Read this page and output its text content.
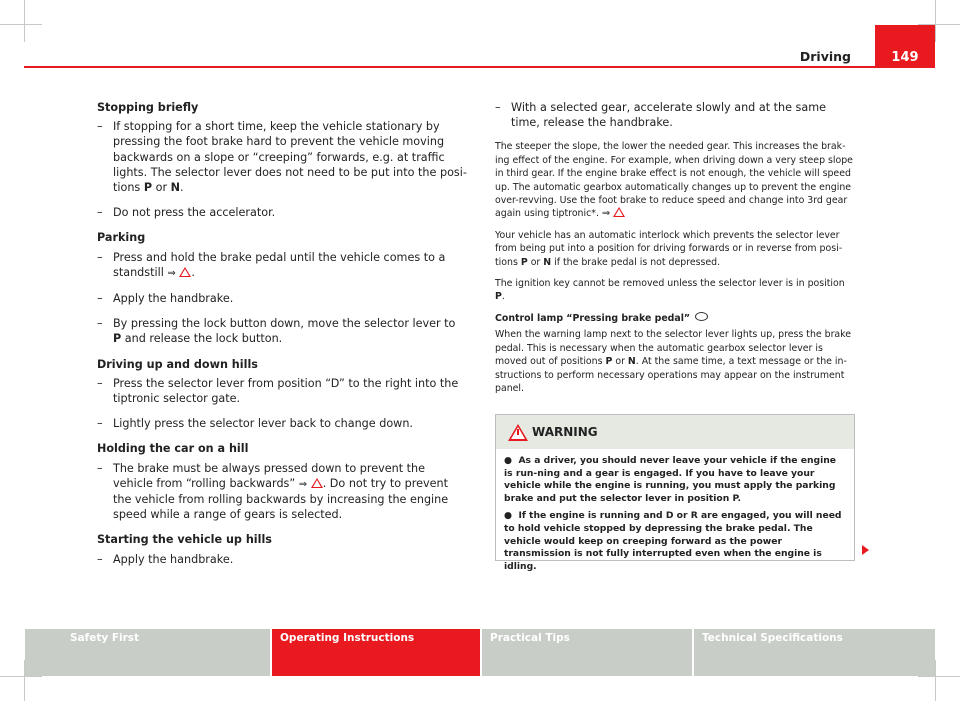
Driving	149
Stopping briefly
– If stopping for a short time, keep the vehicle stationary by pressing the foot brake hard to prevent the vehicle moving backwards on a slope or “creeping” forwards, e.g. at traffic lights. The selector lever does not need to be put into the posi-tions P or N.
– Do not press the accelerator.
Parking
– Press and hold the brake pedal until the vehicle comes to a standstill ⇒ .
– Apply the handbrake.
– By pressing the lock button down, move the selector lever to P and release the lock button.
Driving up and down hills
– Press the selector lever from position “D” to the right into the tiptronic selector gate.
– Lightly press the selector lever back to change down.
Holding the car on a hill
– The brake must be always pressed down to prevent the vehicle from “rolling backwards” ⇒ . Do not try to prevent the vehicle from rolling backwards by increasing the engine speed while a range of gears is selected.
Starting the vehicle up hills
– Apply the handbrake.
– With a selected gear, accelerate slowly and at the same time, release the handbrake.
The steeper the slope, the lower the needed gear. This increases the brak-ing effect of the engine. For example, when driving down a very steep slope in third gear. If the engine brake effect is not enough, the vehicle will speed up. The automatic gearbox automatically changes up to prevent the engine over-revving. Use the foot brake to reduce speed and change into 3rd gear again using tiptronic*. ⇒
Your vehicle has an automatic interlock which prevents the selector lever from being put into a position for driving forwards or in reverse from posi-tions P or N if the brake pedal is not depressed.
The ignition key cannot be removed unless the selector lever is in position P.
Control lamp “Pressing brake pedal”
When the warning lamp next to the selector lever lights up, press the brake pedal. This is necessary when the automatic gearbox selector lever is moved out of positions P or N. At the same time, a text message or the in-structions to perform necessary operations may appear on the instrument panel.
WARNING
● As a driver, you should never leave your vehicle if the engine is run-ning and a gear is engaged. If you have to leave your vehicle while the engine is running, you must apply the parking brake and put the selector lever in position P.
● If the engine is running and D or R are engaged, you will need to hold vehicle stopped by depressing the brake pedal. The vehicle would keep on creeping forward as the power transmission is not fully interrupted even when the engine is idling.
Safety First	Operating Instructions	Practical Tips	Technical Specifications
